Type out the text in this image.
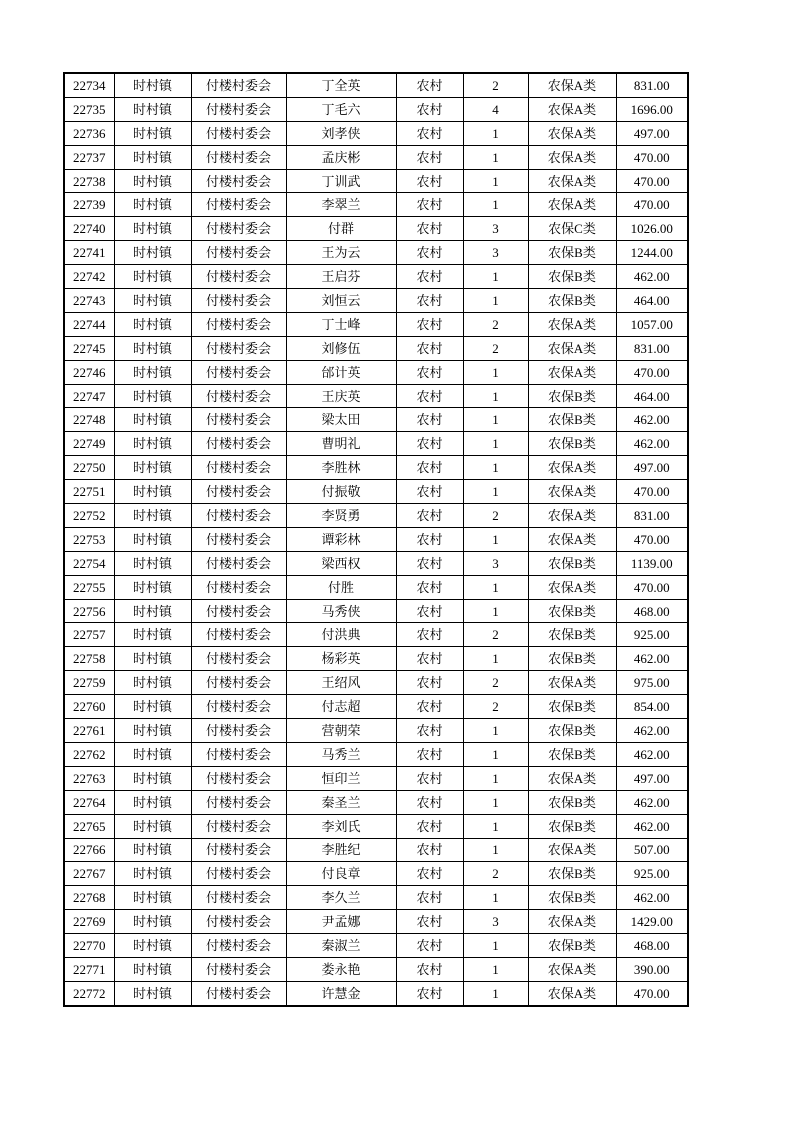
22734	时村镇	付楼村委会	丁全英	农村	2	农保A类	831.00
22735	时村镇	付楼村委会	丁毛六	农村	4	农保A类	1696.00
22736	时村镇	付楼村委会	刘孝侠	农村	1	农保A类	497.00
22737	时村镇	付楼村委会	孟庆彬	农村	1	农保A类	470.00
22738	时村镇	付楼村委会	丁训武	农村	1	农保A类	470.00
22739	时村镇	付楼村委会	李翠兰	农村	1	农保A类	470.00
22740	时村镇	付楼村委会	付群	农村	3	农保C类	1026.00
22741	时村镇	付楼村委会	王为云	农村	3	农保B类	1244.00
22742	时村镇	付楼村委会	王启芬	农村	1	农保B类	462.00
22743	时村镇	付楼村委会	刘恒云	农村	1	农保B类	464.00
22744	时村镇	付楼村委会	丁士峰	农村	2	农保A类	1057.00
22745	时村镇	付楼村委会	刘修伍	农村	2	农保A类	831.00
22746	时村镇	付楼村委会	邰计英	农村	1	农保A类	470.00
22747	时村镇	付楼村委会	王庆英	农村	1	农保B类	464.00
22748	时村镇	付楼村委会	梁太田	农村	1	农保B类	462.00
22749	时村镇	付楼村委会	曹明礼	农村	1	农保B类	462.00
22750	时村镇	付楼村委会	李胜林	农村	1	农保A类	497.00
22751	时村镇	付楼村委会	付振敬	农村	1	农保A类	470.00
22752	时村镇	付楼村委会	李贤勇	农村	2	农保A类	831.00
22753	时村镇	付楼村委会	谭彩林	农村	1	农保A类	470.00
22754	时村镇	付楼村委会	梁西权	农村	3	农保B类	1139.00
22755	时村镇	付楼村委会	付胜	农村	1	农保A类	470.00
22756	时村镇	付楼村委会	马秀侠	农村	1	农保B类	468.00
22757	时村镇	付楼村委会	付洪典	农村	2	农保B类	925.00
22758	时村镇	付楼村委会	杨彩英	农村	1	农保B类	462.00
22759	时村镇	付楼村委会	王绍风	农村	2	农保A类	975.00
22760	时村镇	付楼村委会	付志超	农村	2	农保B类	854.00
22761	时村镇	付楼村委会	营朝荣	农村	1	农保B类	462.00
22762	时村镇	付楼村委会	马秀兰	农村	1	农保B类	462.00
22763	时村镇	付楼村委会	恒印兰	农村	1	农保A类	497.00
22764	时村镇	付楼村委会	秦圣兰	农村	1	农保B类	462.00
22765	时村镇	付楼村委会	李刘氏	农村	1	农保B类	462.00
22766	时村镇	付楼村委会	李胜纪	农村	1	农保A类	507.00
22767	时村镇	付楼村委会	付良章	农村	2	农保B类	925.00
22768	时村镇	付楼村委会	李久兰	农村	1	农保B类	462.00
22769	时村镇	付楼村委会	尹孟娜	农村	3	农保A类	1429.00
22770	时村镇	付楼村委会	秦淑兰	农村	1	农保B类	468.00
22771	时村镇	付楼村委会	娄永艳	农村	1	农保A类	390.00
22772	时村镇	付楼村委会	许慧金	农村	1	农保A类	470.00
